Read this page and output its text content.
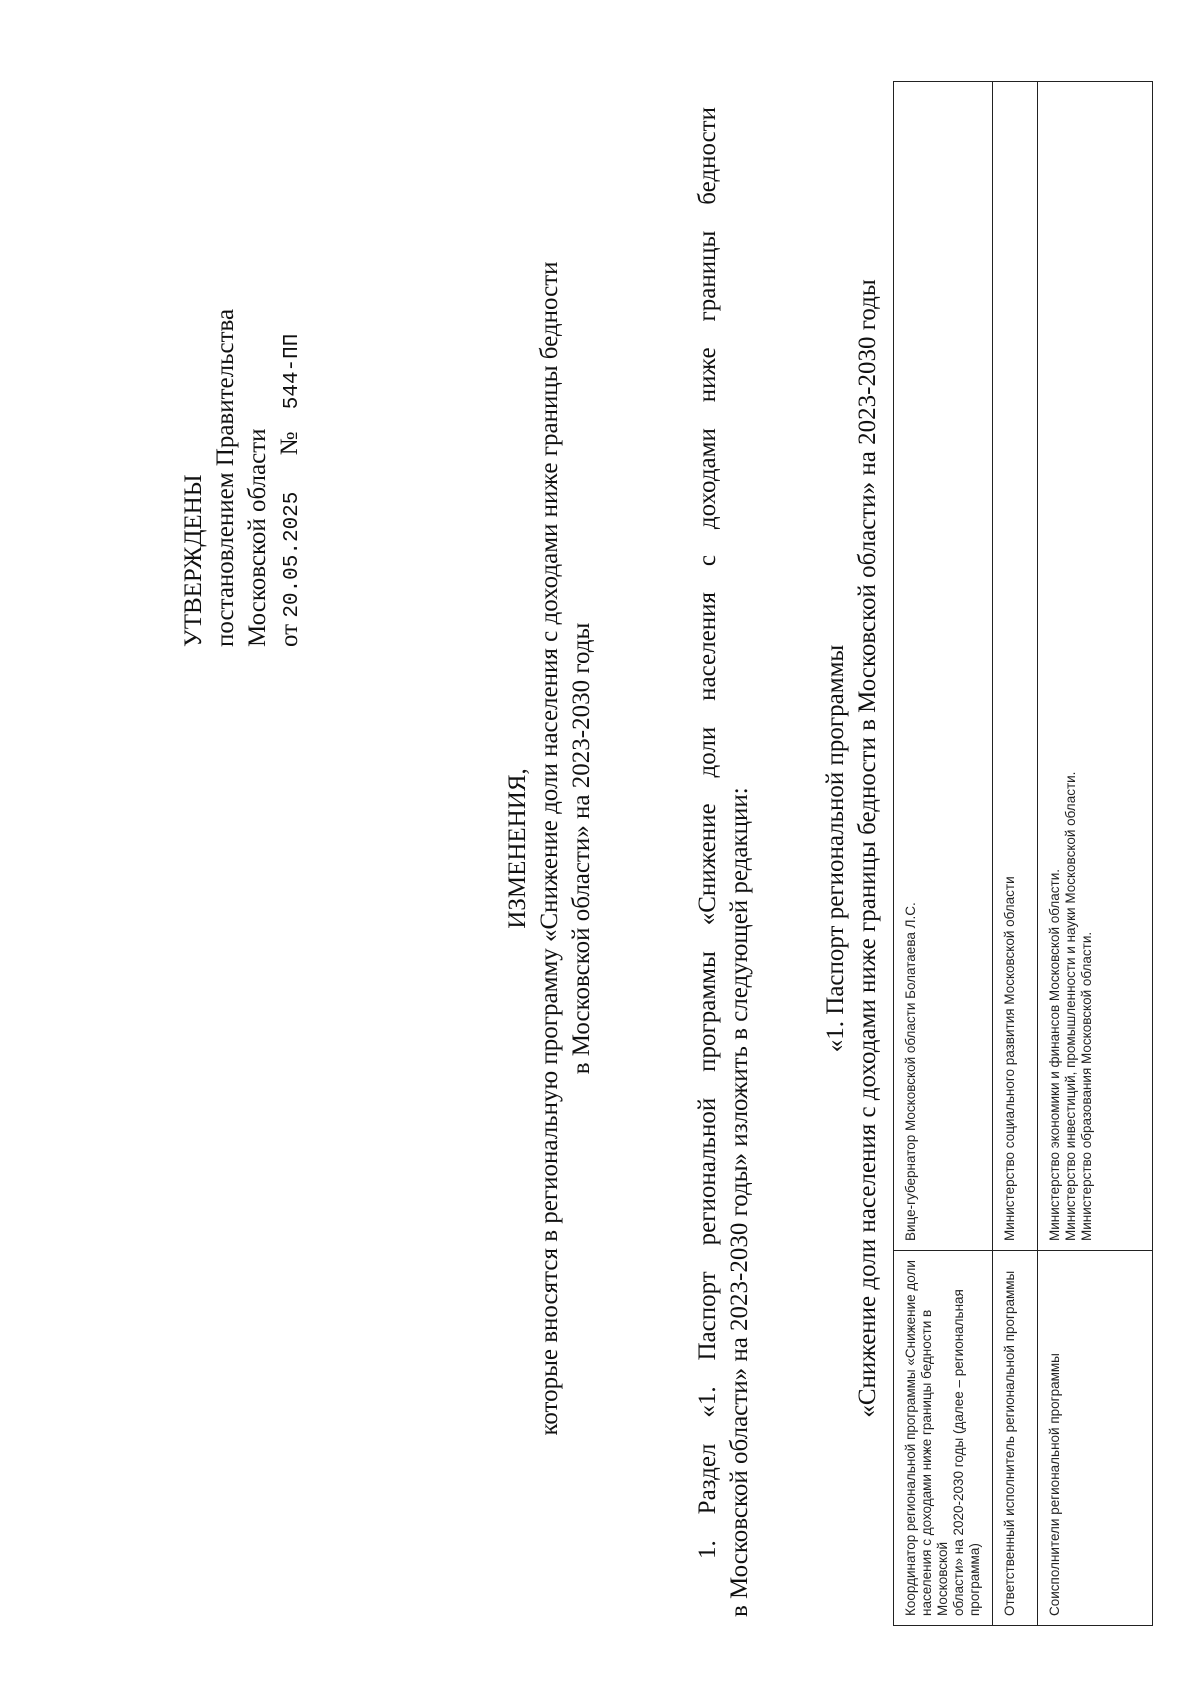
УТВЕРЖДЕНЫ постановлением Правительства Московской области от 20.05.2025 № 544-ПП
ИЗМЕНЕНИЯ, которые вносятся в региональную программу «Снижение доли населения с доходами ниже границы бедности в Московской области» на 2023-2030 годы	1. Раздел «1. Паспорт региональной программы «Снижение доли населения с доходами ниже границы бедности в Московской области» на 2023-2030 годы» изложить в следующей редакции:	«1. Паспорт региональной программы «Снижение доли населения с доходами ниже границы бедности в Московской области» на 2023-2030 годы
Координатор региональной программы «Снижение доли населения с доходами ниже границы бедности в Московской области» на 2020-2030 годы (далее – региональная программа)	Вице-губернатор Московской области Болатаева Л.С.

Ответственный исполнитель региональной программы	Министерство социального развития Московской области

Соисполнители региональной программы	Министерство экономики и финансов Московской области. Министерство инвестиций, промышленности и науки Московской области. Министерство образования Московской области.
